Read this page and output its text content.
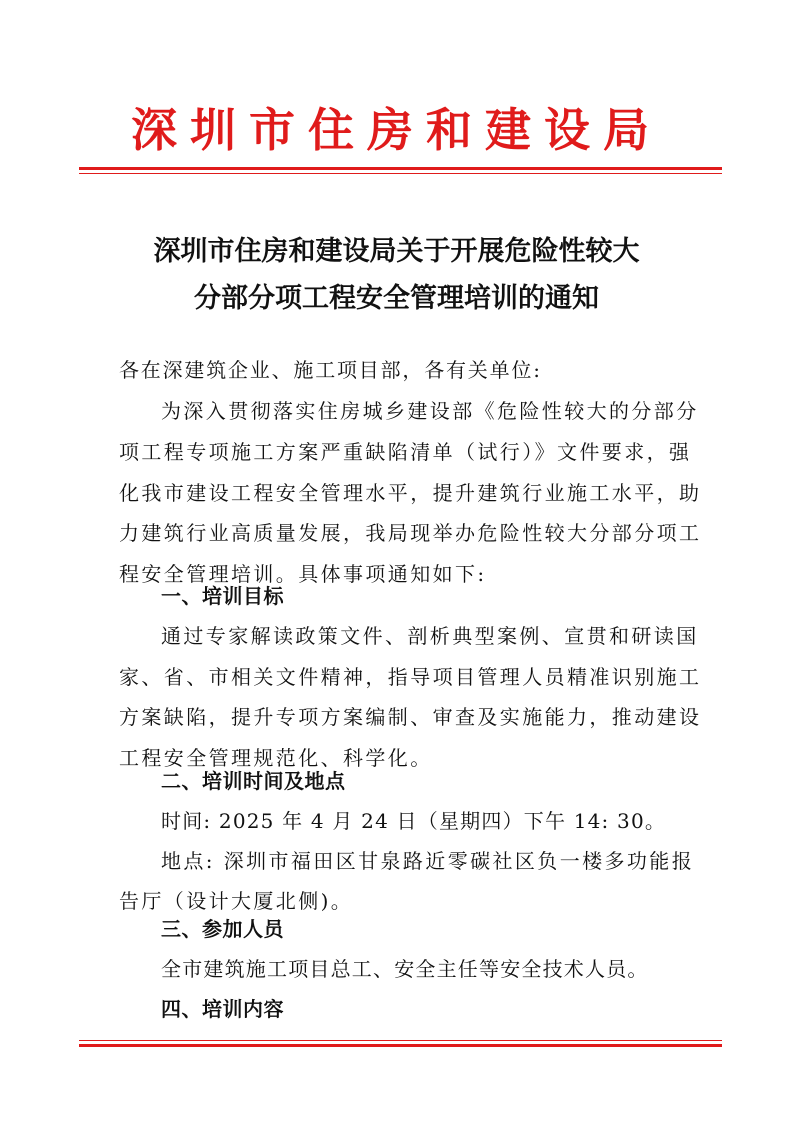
深圳市住房和建设局
深圳市住房和建设局关于开展危险性较大
分部分项工程安全管理培训的通知
各在深建筑企业、施工项目部，各有关单位:
为深入贯彻落实住房城乡建设部《危险性较大的分部分
项工程专项施工方案严重缺陷清单（试行）》文件要求，强
化我市建设工程安全管理水平，提升建筑行业施工水平，助
力建筑行业高质量发展，我局现举办危险性较大分部分项工
程安全管理培训。具体事项通知如下:
一、培训目标
通过专家解读政策文件、剖析典型案例、宣贯和研读国
家、省、市相关文件精神，指导项目管理人员精准识别施工
方案缺陷，提升专项方案编制、审查及实施能力，推动建设
工程安全管理规范化、科学化。
二、培训时间及地点
时间: 2025 年 4 月 24 日（星期四）下午 14: 30。
地点: 深圳市福田区甘泉路近零碳社区负一楼多功能报
告厅（设计大厦北侧)。
三、参加人员
全市建筑施工项目总工、安全主任等安全技术人员。
四、培训内容
